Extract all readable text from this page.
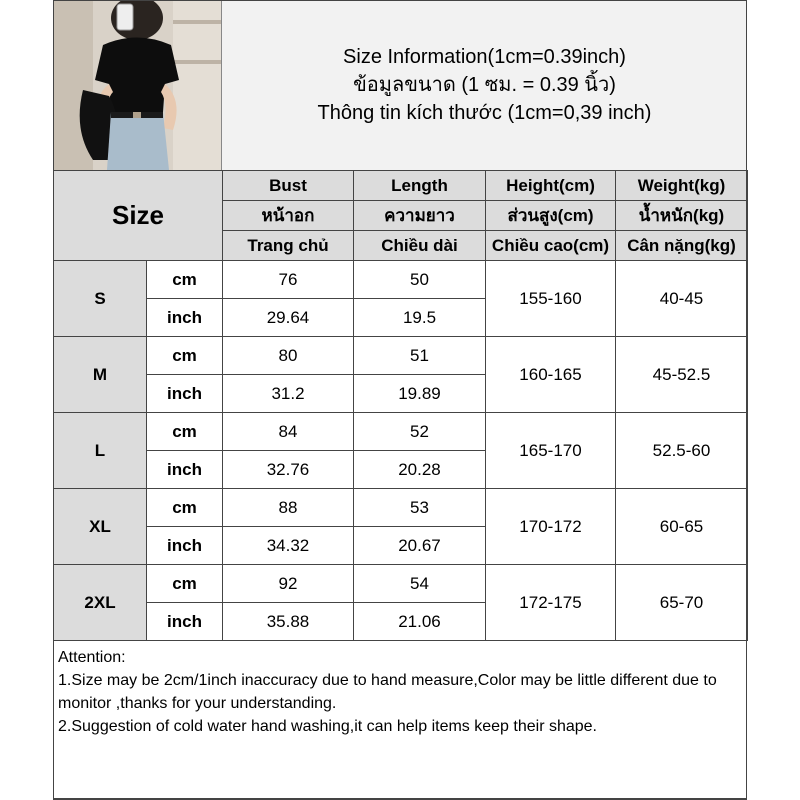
Size Information(1cm=0.39inch)
ข้อมูลขนาด (1 ซม. = 0.39 นิ้ว)
Thông tin kích thước (1cm=0,39 inch)
Size		Bust	Length	Height(cm)	Weight(kg)
		หน้าอก	ความยาว	ส่วนสูง(cm)	น้ำหนัก(kg)
		Trang chủ	Chiều dài	Chiều cao(cm)	Cân nặng(kg)
S	cm	76	50	155-160	40-45
	inch	29.64	19.5		
M	cm	80	51	160-165	45-52.5
	inch	31.2	19.89		
L	cm	84	52	165-170	52.5-60
	inch	32.76	20.28		
XL	cm	88	53	170-172	60-65
	inch	34.32	20.67		
2XL	cm	92	54	172-175	65-70
	inch	35.88	21.06		
Attention:
1.Size may be 2cm/1inch inaccuracy due to hand measure,Color may be little different due to monitor ,thanks for your understanding.
2.Suggestion of cold water hand washing,it can help items keep their shape.
